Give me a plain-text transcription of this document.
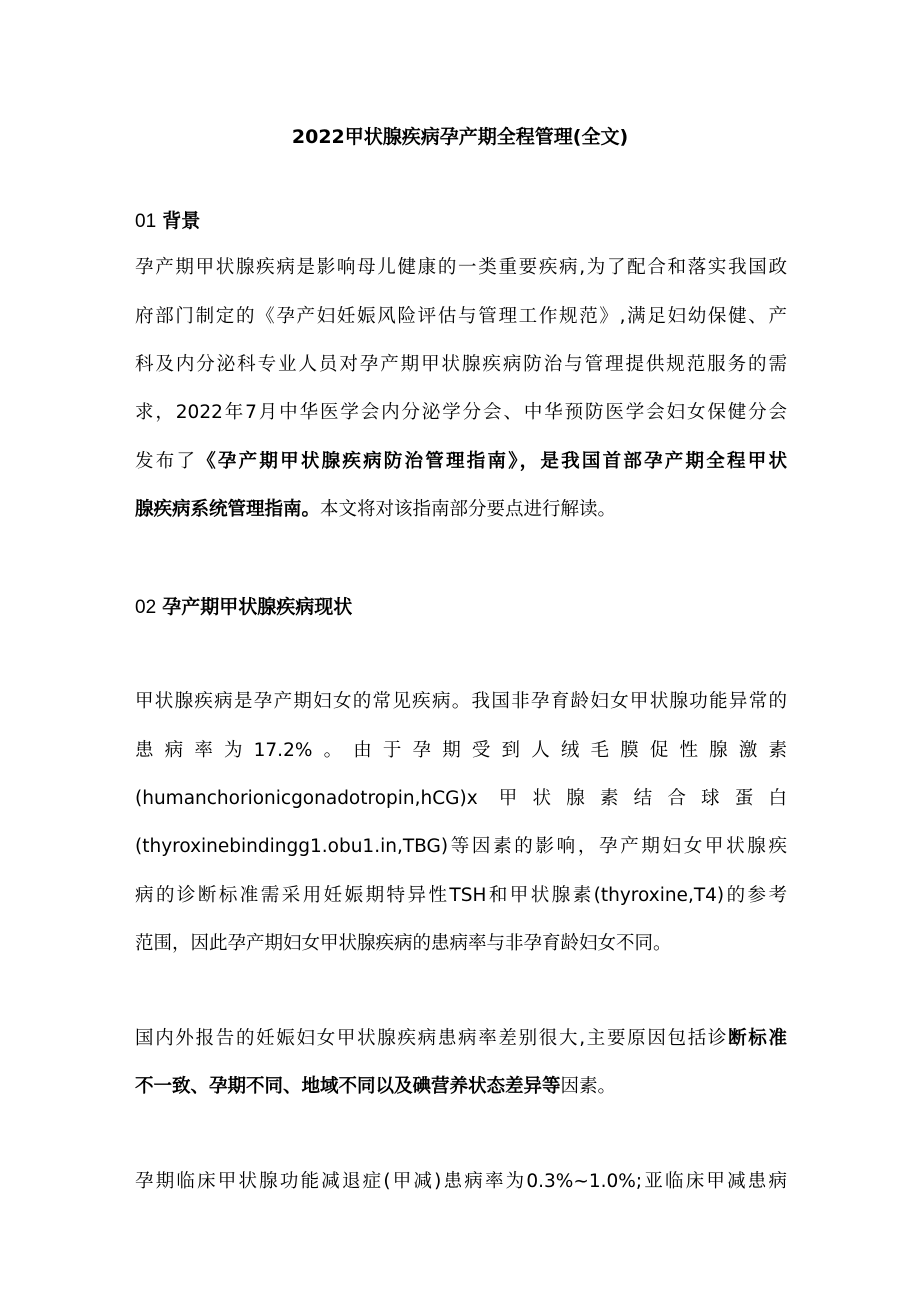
2022甲状腺疾病孕产期全程管理(全文)
01 背景
孕产期甲状腺疾病是影响母儿健康的一类重要疾病,为了配合和落实我国政
府部门制定的《孕产妇妊娠风险评估与管理工作规范》,满足妇幼保健、产
科及内分泌科专业人员对孕产期甲状腺疾病防治与管理提供规范服务的需
求，2022年7月中华医学会内分泌学分会、中华预防医学会妇女保健分会
发布了《孕产期甲状腺疾病防治管理指南》，是我国首部孕产期全程甲状
腺疾病系统管理指南。本文将对该指南部分要点进行解读。
02 孕产期甲状腺疾病现状
甲状腺疾病是孕产期妇女的常见疾病。我国非孕育龄妇女甲状腺功能异常的
患病率为17.2%。由于孕期受到人绒毛膜促性腺激素
(humanchorionicgonadotropin,hCG)x 甲状腺素结合球蛋白
(thyroxinebindingg1.obu1.in,TBG)等因素的影响，孕产期妇女甲状腺疾
病的诊断标准需采用妊娠期特异性TSH和甲状腺素(thyroxine,T4)的参考
范围，因此孕产期妇女甲状腺疾病的患病率与非孕育龄妇女不同。
国内外报告的妊娠妇女甲状腺疾病患病率差别很大,主要原因包括诊断标准
不一致、孕期不同、地域不同以及碘营养状态差异等因素。
孕期临床甲状腺功能减退症(甲减)患病率为0.3%~1.0%;亚临床甲减患病
